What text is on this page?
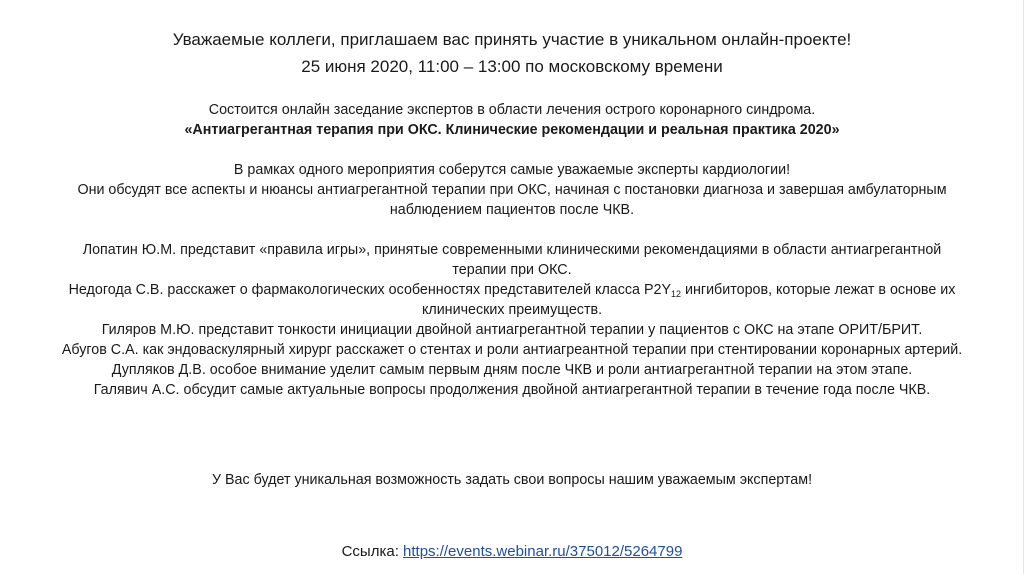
Уважаемые коллеги, приглашаем вас принять участие в уникальном онлайн-проекте!
25 июня 2020, 11:00 – 13:00 по московскому времени
Состоится онлайн заседание экспертов в области лечения острого коронарного синдрома.
«Антиагрегантная терапия при ОКС. Клинические рекомендации и реальная практика 2020»
В рамках одного мероприятия соберутся самые уважаемые эксперты кардиологии!
Они обсудят все аспекты и нюансы антиагрегантной терапии при ОКС, начиная с постановки диагноза и завершая амбулаторным наблюдением пациентов после ЧКВ.
Лопатин Ю.М. представит «правила игры», принятые современными клиническими рекомендациями в области антиагрегантной терапии при ОКС.
Недогода С.В. расскажет о фармакологических особенностях представителей класса $P2Y_{12}$ ингибиторов, которые лежат в основе их клинических преимуществ.
Гиляров М.Ю. представит тонкости инициации двойной антиагрегантной терапии у пациентов с ОКС на этапе ОРИТ/БРИТ.
Абугов С.А. как эндоваскулярный хирург расскажет о стентах и роли антиагреантной терапии при стентировании коронарных артерий.
Дупляков Д.В. особое внимание уделит самым первым дням после ЧКВ и роли антиагрегантной терапии на этом этапе.
Галявич А.С. обсудит самые актуальные вопросы продолжения двойной антиагрегантной терапии в течение года после ЧКВ.
У Вас будет уникальная возможность задать свои вопросы нашим уважаемым экспертам!
Ссылка: https://events.webinar.ru/375012/5264799
